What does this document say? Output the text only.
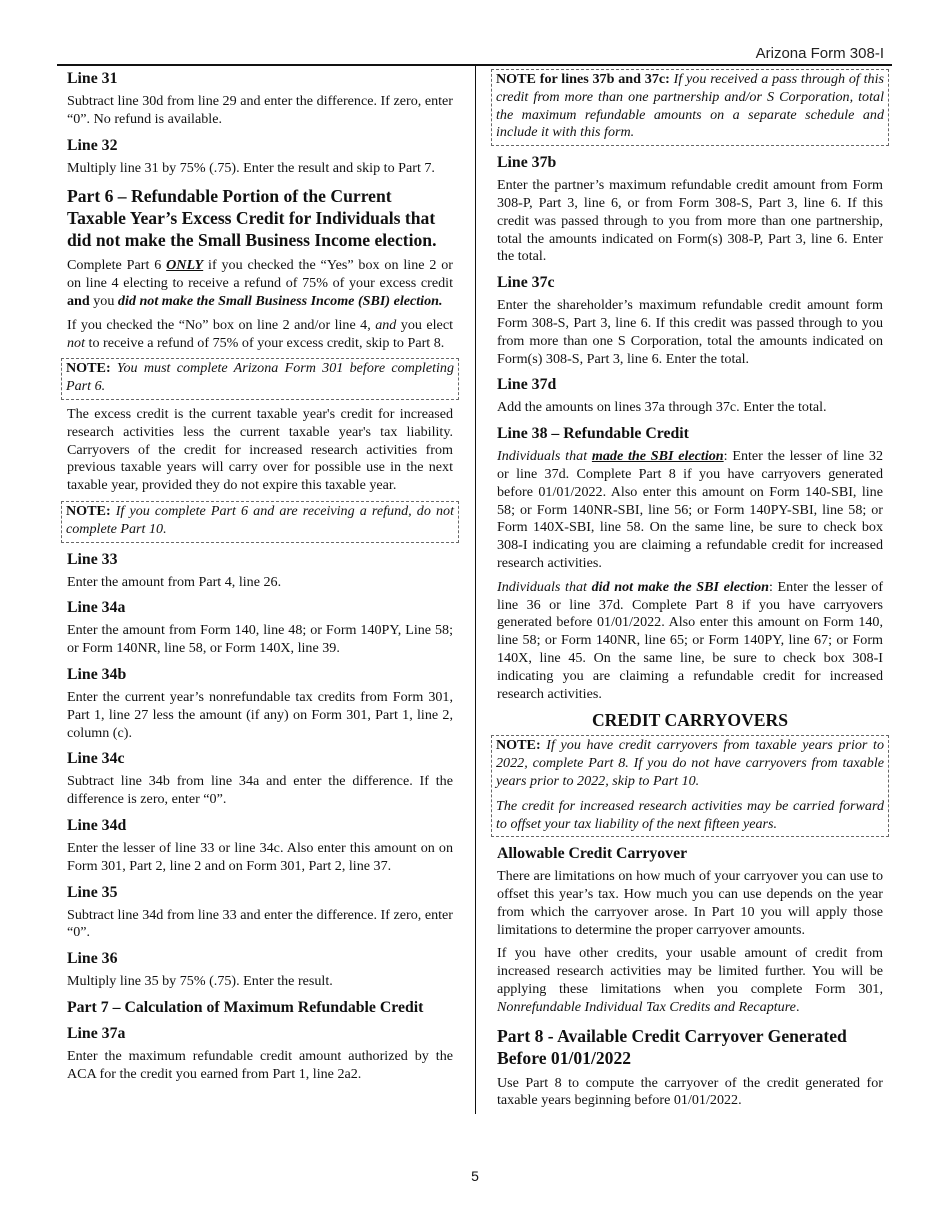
Arizona Form 308-I
Line 31

Subtract line 30d from line 29 and enter the difference. If zero, enter “0”. No refund is available.

Line 32

Multiply line 31 by 75% (.75). Enter the result and skip to Part 7.

Part 6 – Refundable Portion of the Current Taxable Year’s Excess Credit for Individuals that did not make the Small Business Income election.

Complete Part 6 ONLY if you checked the “Yes” box on line 2 or on line 4 electing to receive a refund of 75% of your excess credit and you did not make the Small Business Income (SBI) election.

If you checked the “No” box on line 2 and/or line 4, and you elect not to receive a refund of 75% of your excess credit, skip to Part 8.

NOTE: You must complete Arizona Form 301 before completing Part 6.

The excess credit is the current taxable year's credit for increased research activities less the current taxable year's tax liability. Carryovers of the credit for increased research activities from previous taxable years will carry over for possible use in the next taxable year, provided they do not expire this taxable year.

NOTE: If you complete Part 6 and are receiving a refund, do not complete Part 10.

Line 33

Enter the amount from Part 4, line 26.

Line 34a

Enter the amount from Form 140, line 48; or Form 140PY, Line 58; or Form 140NR, line 58, or Form 140X, line 39.

Line 34b

Enter the current year’s nonrefundable tax credits from Form 301, Part 1, line 27 less the amount (if any) on Form 301, Part 1, line 2, column (c).

Line 34c

Subtract line 34b from line 34a and enter the difference. If the difference is zero, enter “0”.

Line 34d

Enter the lesser of line 33 or line 34c. Also enter this amount on on Form 301, Part 2, line 2 and on Form 301, Part 2, line 37.

Line 35

Subtract line 34d from line 33 and enter the difference. If zero, enter “0”.

Line 36

Multiply line 35 by 75% (.75). Enter the result.

Part 7 – Calculation of Maximum Refundable Credit
Line 37a

Enter the maximum refundable credit amount authorized by the ACA for the credit you earned from Part 1, line 2a2.

NOTE for lines 37b and 37c: If you received a pass through of this credit from more than one partnership and/or S Corporation, total the maximum refundable amounts on a separate schedule and include it with this form.

Line 37b

Enter the partner’s maximum refundable credit amount from Form 308-P, Part 3, line 6, or from Form 308-S, Part 3, line 6. If this credit was passed through to you from more than one partnership, total the amounts indicated on Form(s) 308-P, Part 3, line 6. Enter the total.

Line 37c

Enter the shareholder’s maximum refundable credit amount form Form 308-S, Part 3, line 6. If this credit was passed through to you from more than one S Corporation, total the amounts indicated on Form(s) 308-S, Part 3, line 6. Enter the total.

Line 37d

Add the amounts on lines 37a through 37c. Enter the total.

Line 38 – Refundable Credit

Individuals that made the SBI election: Enter the lesser of line 32 or line 37d. Complete Part 8 if you have carryovers generated before 01/01/2022. Also enter this amount on Form 140-SBI, line 58; or Form 140NR-SBI, line 56; or Form 140PY-SBI, line 58; or Form 140X-SBI, line 58. On the same line, be sure to check box 308-I indicating you are claiming a refundable credit for increased research activities.

Individuals that did not make the SBI election: Enter the lesser of line 36 or line 37d. Complete Part 8 if you have carryovers generated before 01/01/2022. Also enter this amount on Form 140, line 58; or Form 140NR, line 65; or Form 140PY, line 67; or Form 140X, line 45. On the same line, be sure to check box 308-I indicating you are claiming a refundable credit for increased research activities.

CREDIT CARRYOVERS

NOTE: If you have credit carryovers from taxable years prior to 2022, complete Part 8. If you do not have carryovers from taxable years prior to 2022, skip to Part 10.

The credit for increased research activities may be carried forward to offset your tax liability of the next fifteen years.

Allowable Credit Carryover

There are limitations on how much of your carryover you can use to offset this year’s tax. How much you can use depends on the year from which the carryover arose. In Part 10 you will apply those limitations to determine the proper carryover amounts.

If you have other credits, your usable amount of credit from increased research activities may be limited further. You will be applying these limitations when you complete Form 301, Nonrefundable Individual Tax Credits and Recapture.

Part 8 - Available Credit Carryover Generated Before 01/01/2022

Use Part 8 to compute the carryover of the credit generated for taxable years beginning before 01/01/2022.

5
